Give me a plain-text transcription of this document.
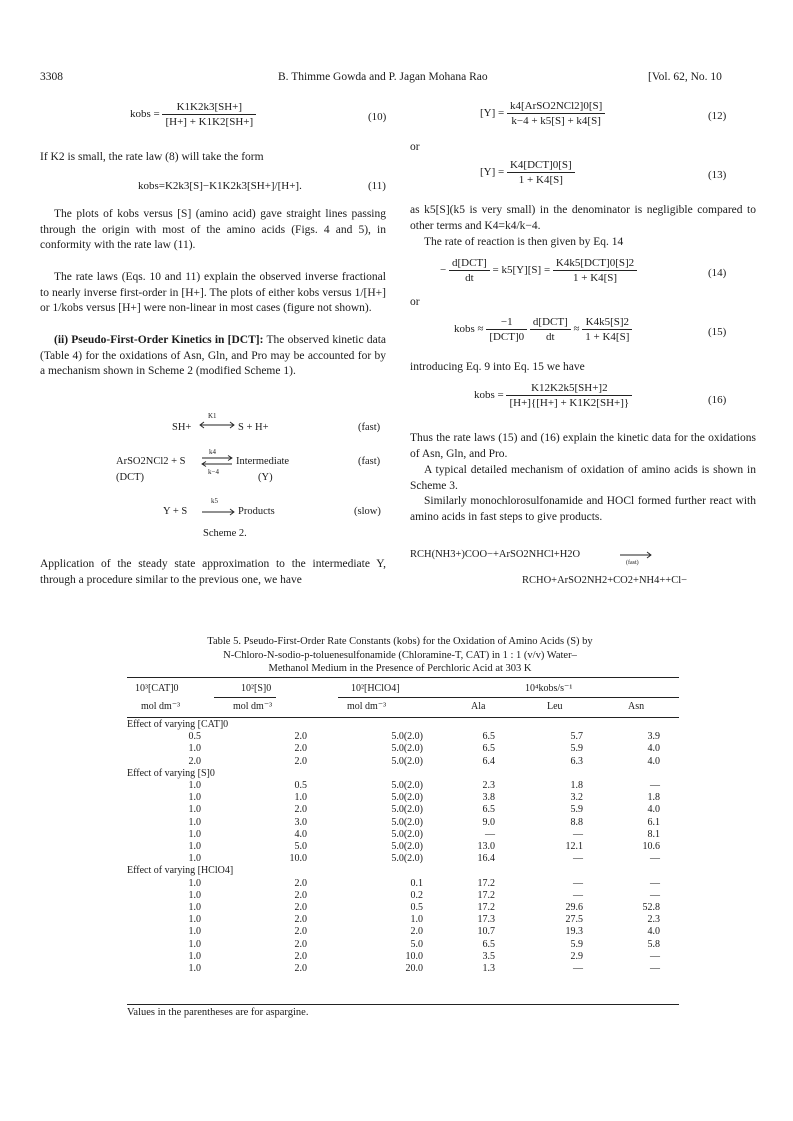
3308	B. Thimme Gowda and P. Jagan Mohana Rao	[Vol. 62, No. 10
kobs = $\frac{K1K2k3[SH+]}{[H+] + K1K2[SH+]}$	(10)

If K2 is small, the rate law (8) will take the form

kobs=K2k3[S]−K1K2k3[SH+]/[H+].	(11)

The plots of kobs versus [S] (amino acid) gave straight lines passing through the origin with most of the amino acids (Figs. 4 and 5), in conformity with the rate law (11).

The rate laws (Eqs. 10 and 11) explain the observed inverse fractional to nearly inverse first-order in [H+]. The plots of either kobs versus 1/[H+] or 1/kobs versus [H+] were non-linear in most cases (figure not shown).

(ii) Pseudo-First-Order Kinetics in [DCT]: The observed kinetic data (Table 4) for the oxidations of Asn, Gln, and Pro may be accounted for by a mechanism shown in Scheme 2 (modified Scheme 1).

SH+
K1
S + H+	(fast)
ArSO2NCl2 + S
k4
k−4
Intermediate	(fast)
(DCT)	(Y)
Y + S
k5
Products	(slow)
Scheme 2.

Application of the steady state approximation to the intermediate Y, through a procedure similar to the previous one, we have

$[Y] = \frac{\text{k4[ArSO2NCl2]0[S]}}{k-4 + k5[S] + k4[S]}$	(12)
or
$[Y] = \frac{\text{K4[DCT]0[S]}}{1 + K4[S]}$	(13)

as k5[S](k5 is very small) in the denominator is negligible compared to other terms and K4=k4/k−4.

The rate of reaction is then given by Eq. 14

− $\frac{\text{d[DCT]}}{dt} = k5[Y][S] = \frac{\text{K4k5[DCT]0[S]2}}{1 + K4[S]}$	(14)
or
kobs ≈ $\frac{-1}{\text{[DCT]0}}$
$\frac{\text{d[DCT]}}{dt} \approx \frac{K4k5[S]2}{1 + K4[S]}$	(15)

introducing Eq. 9 into Eq. 15 we have

kobs = $\frac{K12K2k5[SH+]2}{[H+]\{[H+] + K1K2[SH+]\}}$	(16)

Thus the rate laws (15) and (16) explain the kinetic data for the oxidations of Asn, Gln, and Pro.

A typical detailed mechanism of oxidation of amino acids is shown in Scheme 3.

Similarly monochlorosulfonamide and HOCl formed further react with amino acids in fast steps to give products.

RCH(NH3+)COO−+ArSO2NHCl+H2O
(fast)
RCHO+ArSO2NH2+CO2+NH4++Cl−
Table 5. Pseudo-First-Order Rate Constants (kobs) for the Oxidation of Amino Acids (S) by
N-Chloro-N-sodio-p-toluenesulfonamide (Chloramine-T, CAT) in 1 : 1 (v/v) Water–
Methanol Medium in the Presence of Perchloric Acid at 303 K
10³[CAT]0	10²[S]0	10²[HClO4]	10⁴kobs/s⁻¹
mol dm⁻³	mol dm⁻³	mol dm⁻³	Ala	Leu	Asn
Effect of varying [CAT]0					
0.5	2.0	5.0(2.0)	6.5	5.7	3.9
1.0	2.0	5.0(2.0)	6.5	5.9	4.0
2.0	2.0	5.0(2.0)	6.4	6.3	4.0
Effect of varying [S]0					
1.0	0.5	5.0(2.0)	2.3	1.8	—
1.0	1.0	5.0(2.0)	3.8	3.2	1.8
1.0	2.0	5.0(2.0)	6.5	5.9	4.0
1.0	3.0	5.0(2.0)	9.0	8.8	6.1
1.0	4.0	5.0(2.0)	—	—	8.1
1.0	5.0	5.0(2.0)	13.0	12.1	10.6
1.0	10.0	5.0(2.0)	16.4	—	—
Effect of varying [HClO4]					
1.0	2.0	0.1	17.2	—	—
1.0	2.0	0.2	17.2	—	—
1.0	2.0	0.5	17.2	29.6	52.8
1.0	2.0	1.0	17.3	27.5	2.3
1.0	2.0	2.0	10.7	19.3	4.0
1.0	2.0	5.0	6.5	5.9	5.8
1.0	2.0	10.0	3.5	2.9	—
1.0	2.0	20.0	1.3	—	—
Values in the parentheses are for aspargine.
